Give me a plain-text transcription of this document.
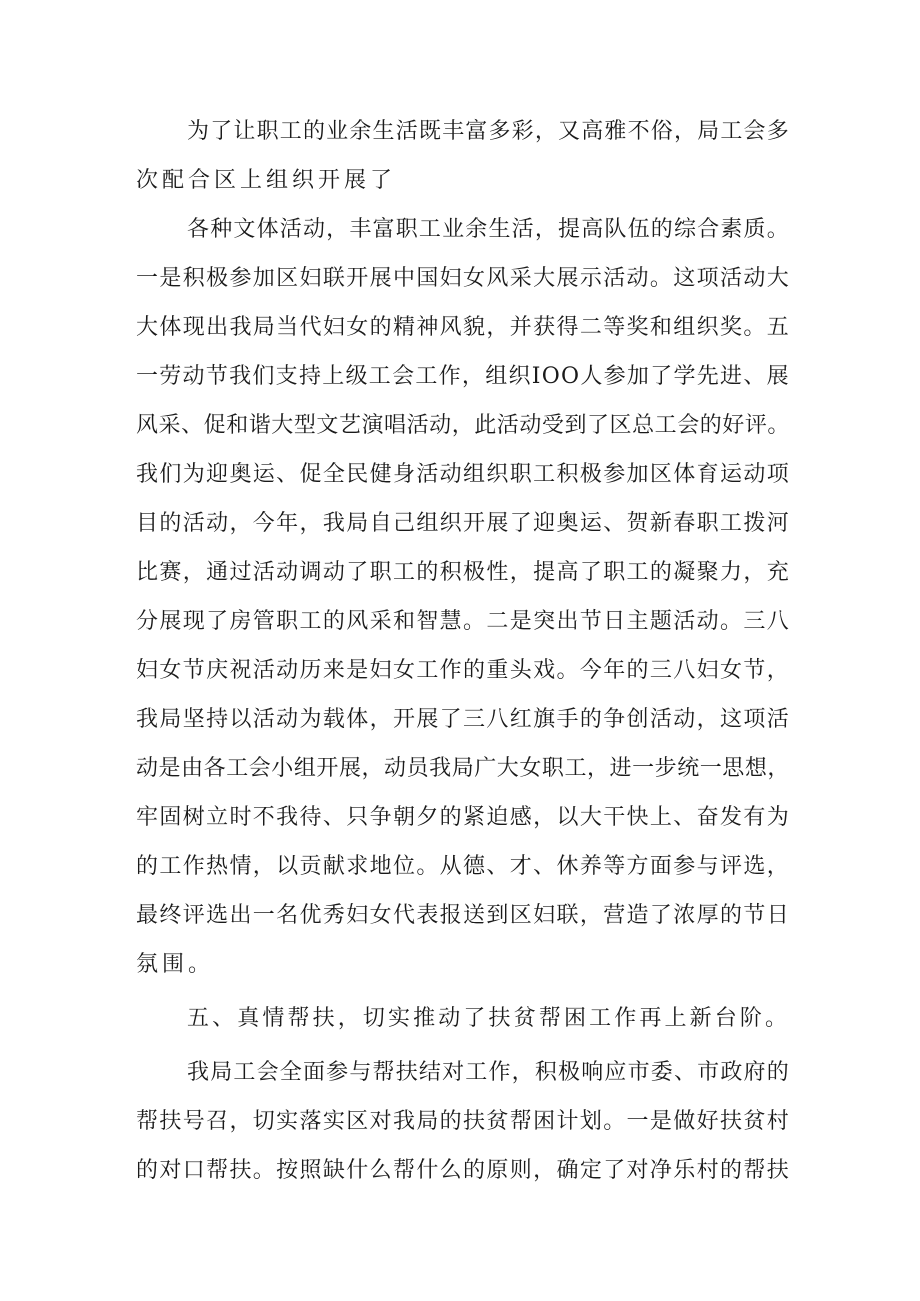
为了让职工的业余生活既丰富多彩，又高雅不俗，局工会多
次配合区上组织开展了
各种文体活动，丰富职工业余生活，提高队伍的综合素质。
一是积极参加区妇联开展中国妇女风采大展示活动。这项活动大
大体现出我局当代妇女的精神风貌，并获得二等奖和组织奖。五
一劳动节我们支持上级工会工作，组织IOO人参加了学先进、展
风采、促和谐大型文艺演唱活动，此活动受到了区总工会的好评。
我们为迎奥运、促全民健身活动组织职工积极参加区体育运动项
目的活动，今年，我局自己组织开展了迎奥运、贺新春职工拨河
比赛，通过活动调动了职工的积极性，提高了职工的凝聚力，充
分展现了房管职工的风采和智慧。二是突出节日主题活动。三八
妇女节庆祝活动历来是妇女工作的重头戏。今年的三八妇女节，
我局坚持以活动为载体，开展了三八红旗手的争创活动，这项活
动是由各工会小组开展，动员我局广大女职工，进一步统一思想，
牢固树立时不我待、只争朝夕的紧迫感，以大干快上、奋发有为
的工作热情，以贡献求地位。从德、才、休养等方面参与评选，
最终评选出一名优秀妇女代表报送到区妇联，营造了浓厚的节日
氛围。
五、真情帮扶，切实推动了扶贫帮困工作再上新台阶。
我局工会全面参与帮扶结对工作，积极响应市委、市政府的
帮扶号召，切实落实区对我局的扶贫帮困计划。一是做好扶贫村
的对口帮扶。按照缺什么帮什么的原则，确定了对净乐村的帮扶
